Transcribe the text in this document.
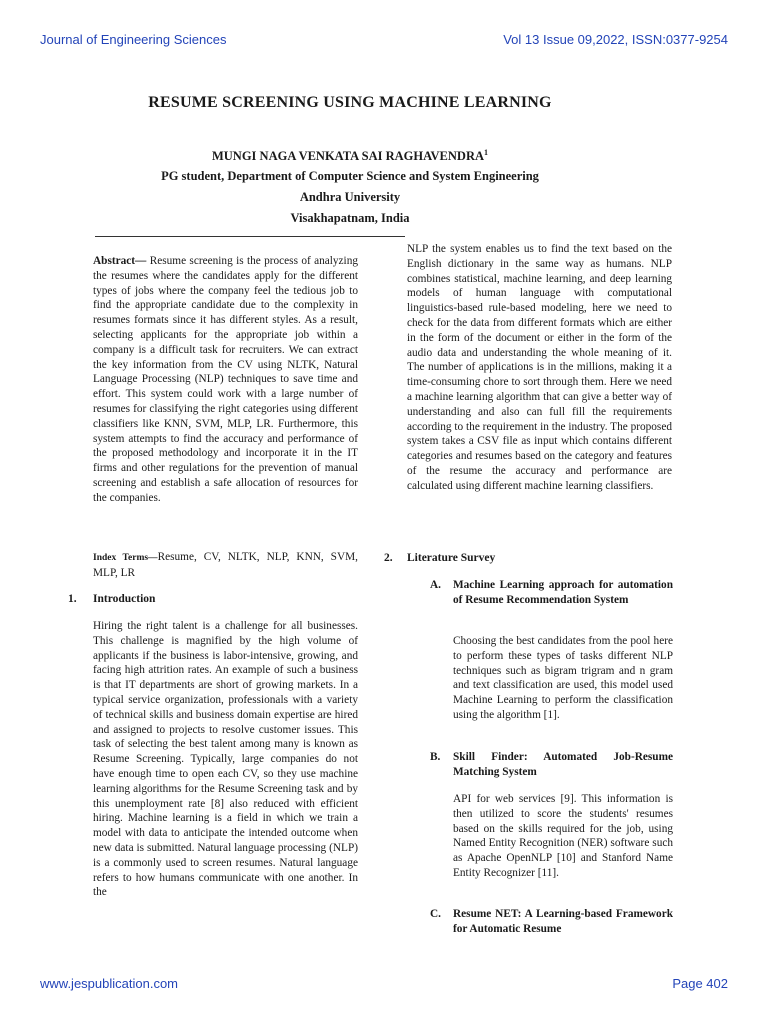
Journal of Engineering Sciences	Vol 13 Issue 09,2022, ISSN:0377-9254
RESUME SCREENING USING MACHINE LEARNING
MUNGI NAGA VENKATA SAI RAGHAVENDRA$^1$
PG student, Department of Computer Science and System Engineering
Andhra University
Visakhapatnam, India

Abstract— Resume screening is the process of analyzing the resumes where the candidates apply for the different types of jobs where the company feel the tedious job to find the appropriate candidate due to the complexity in resumes formats since it has different styles. As a result, selecting applicants for the appropriate job within a company is a difficult task for recruiters. We can extract the key information from the CV using NLTK, Natural Language Processing (NLP) techniques to save time and effort. This system could work with a large number of resumes for classifying the right categories using different classifiers like KNN, SVM, MLP, LR. Furthermore, this system attempts to find the accuracy and performance of the proposed methodology and incorporate it in the IT firms and other regulations for the prevention of manual screening and establish a safe allocation of resources for the companies.

Index Terms—Resume, CV, NLTK, NLP, KNN, SVM, MLP, LR

1. Introduction

Hiring the right talent is a challenge for all businesses. This challenge is magnified by the high volume of applicants if the business is labor-intensive, growing, and facing high attrition rates. An example of such a business is that IT departments are short of growing markets. In a typical service organization, professionals with a variety of technical skills and business domain expertise are hired and assigned to projects to resolve customer issues. This task of selecting the best talent among many is known as Resume Screening. Typically, large companies do not have enough time to open each CV, so they use machine learning algorithms for the Resume Screening task and by this unemployment rate [8] also reduced with efficient hiring. Machine learning is a field in which we train a model with data to anticipate the intended outcome when new data is submitted. Natural language processing (NLP) is a commonly used to screen resumes. Natural language refers to how humans communicate with one another. In the

NLP the system enables us to find the text based on the English dictionary in the same way as humans. NLP combines statistical, machine learning, and deep learning models of human language with computational linguistics-based rule-based modeling, here we need to check for the data from different formats which are either in the form of the document or either in the form of the audio data and understanding the whole meaning of it. The number of applications is in the millions, making it a time-consuming chore to sort through them. Here we need a machine learning algorithm that can give a better way of understanding and also can full fill the requirements according to the requirement in the industry. The proposed system takes a CSV file as input which contains different categories and resumes based on the category and features of the resume the accuracy and performance are calculated using different machine learning classifiers.

2. Literature Survey
A. Machine Learning approach for automation of Resume Recommendation System

Choosing the best candidates from the pool here to perform these types of tasks different NLP techniques such as bigram trigram and n gram and text classification are used, this model used Machine Learning to perform the classification using the algorithm [1].

B. Skill Finder: Automated Job-Resume Matching System

API for web services [9]. This information is then utilized to score the students' resumes based on the skills required for the job, using Named Entity Recognition (NER) software such as Apache OpenNLP [10] and Stanford Name Entity Recognizer [11].

C. Resume NET: A Learning-based Framework for Automatic Resume
www.jespublication.com	Page 402
